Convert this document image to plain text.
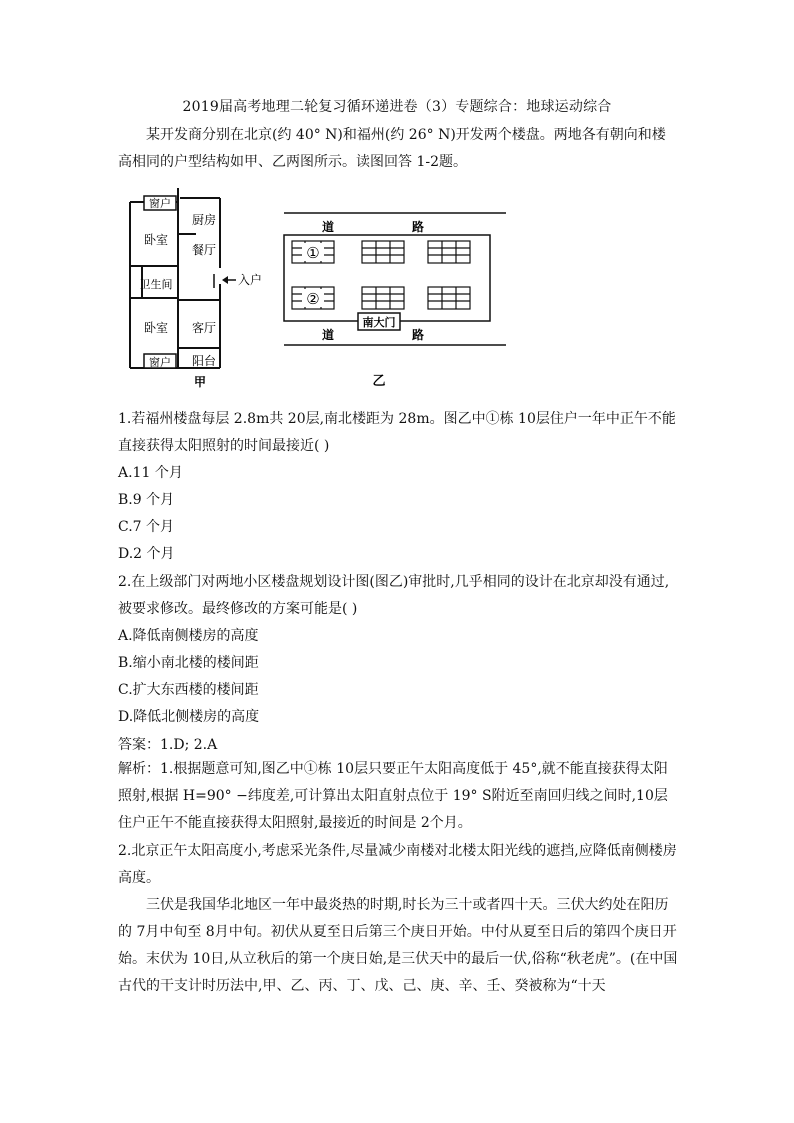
2019届高考地理二轮复习循环递进卷（3）专题综合：地球运动综合

某开发商分别在北京(约 40° N)和福州(约 26° N)开发两个楼盘。两地各有朝向和楼高相同的户型结构如甲、乙两图所示。读图回答 1-2题。

窗户
窗户
厨房
餐厅
卧室
卫生间
卧室 客厅
阳台
入户
甲
道	路
道	路
①
②
南大门
乙
1.若福州楼盘每层 2.8m共 20层,南北楼距为 28m。图乙中①栋 10层住户一年中正午不能
直接获得太阳照射的时间最接近( )
A.11 个月
B.9 个月
C.7 个月
D.2 个月
2.在上级部门对两地小区楼盘规划设计图(图乙)审批时,几乎相同的设计在北京却没有通过,
被要求修改。最终修改的方案可能是( )
A.降低南侧楼房的高度
B.缩小南北楼的楼间距
C.扩大东西楼的楼间距
D.降低北侧楼房的高度
答案：1.D; 2.A

解析：1.根据题意可知,图乙中①栋 10层只要正午太阳高度低于 45°,就不能直接获得太阳照射,根据 H=90° −纬度差,可计算出太阳直射点位于 19° S附近至南回归线之间时,10层住户正午不能直接获得太阳照射,最接近的时间是 2个月。

2.北京正午太阳高度小,考虑采光条件,尽量减少南楼对北楼太阳光线的遮挡,应降低南侧楼房高度。

三伏是我国华北地区一年中最炎热的时期,时长为三十或者四十天。三伏大约处在阳历的 7月中旬至 8月中旬。初伏从夏至日后第三个庚日开始。中付从夏至日后的第四个庚日开始。末伏为 10日,从立秋后的第一个庚日始,是三伏天中的最后一伏,俗称“秋老虎”。(在中国古代的干支计时历法中,甲、乙、丙、丁、戊、己、庚、辛、壬、癸被称为“十天
